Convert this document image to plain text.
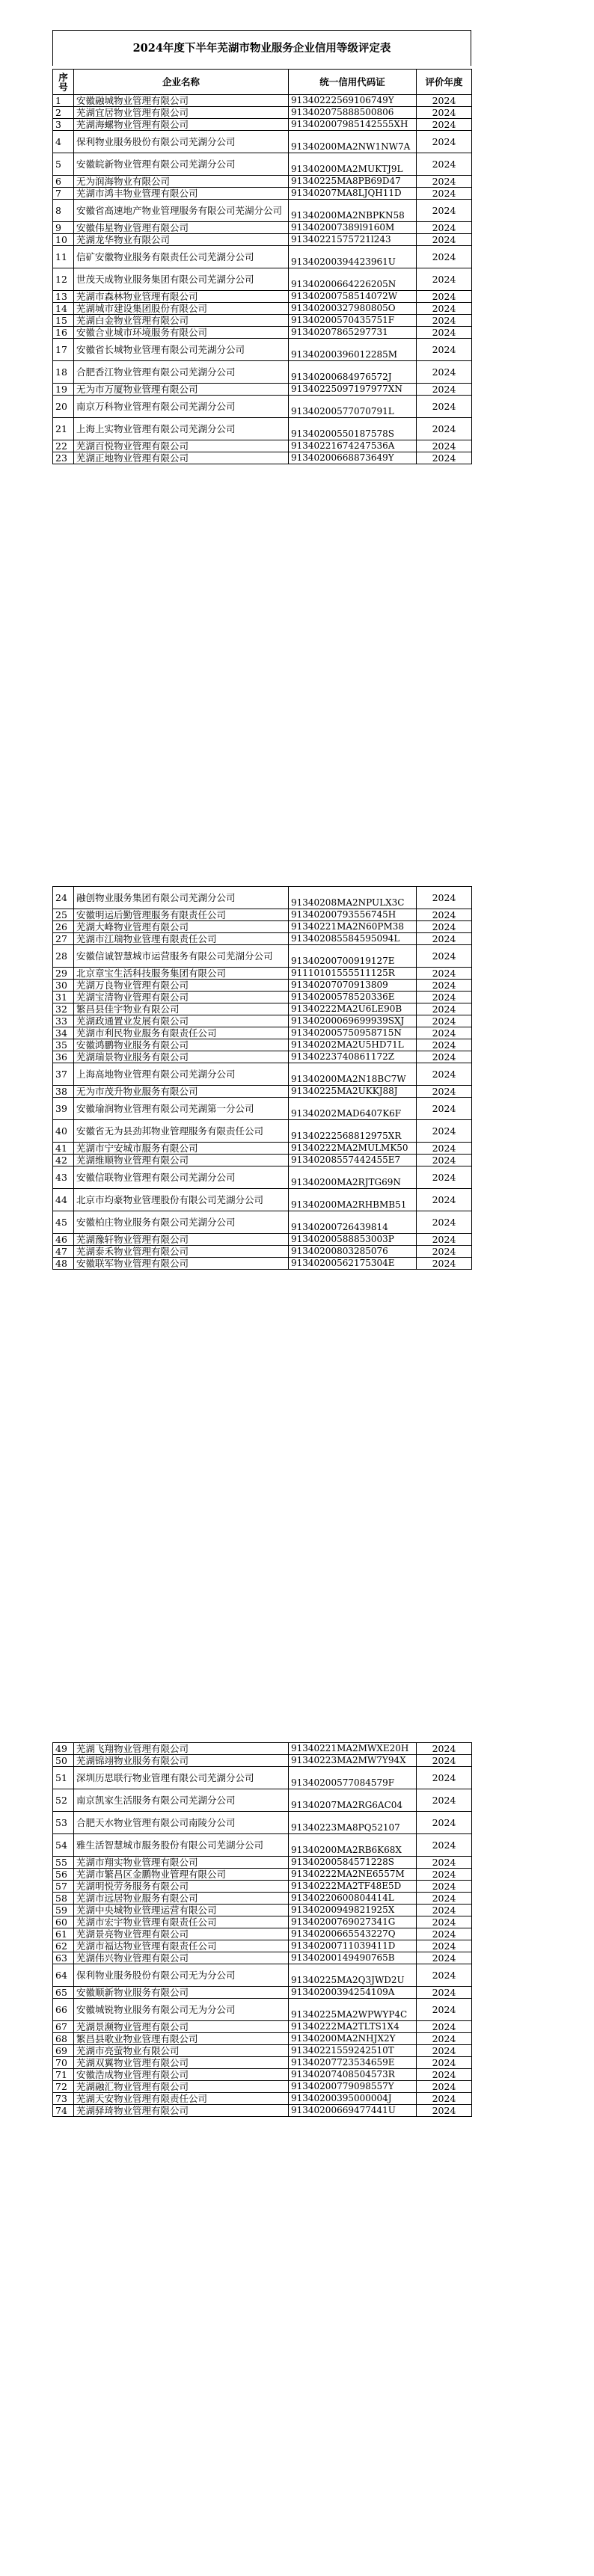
2024年度下半年芜湖市物业服务企业信用等级评定表
序号	企业名称	统一信用代码证	评价年度
1	安徽融城物业管理有限公司	91340222569106749Y	2024
2	芜湖宜居物业管理有限公司	913402075888500806	2024
3	芜湖海螺物业管理有限公司	913402007985142555XH	2024
4	保利物业服务股份有限公司芜湖分公司	91340200MA2NW1NW7A	2024
5	安徽皖新物业管理有限公司芜湖分公司	91340200MA2MUKTJ9L	2024
6	无为润海物业有限公司	91340225MA8PB69D47	2024
7	芜湖市鸿丰物业管理有限公司	91340207MA8LJQH11D	2024
8	安徽省高速地产物业管理服务有限公司芜湖分公司	91340200MA2NBPKN58	2024
9	安徽伟星物业管理有限公司	913402007389l9160M	2024
10	芜湖龙华物业有限公司	91340221575721l243	2024
11	信矿安徽物业服务有限责任公司芜湖分公司	91340200394423961U	2024
12	世茂天成物业服务集团有限公司芜湖分公司	91340200664226205N	2024
13	芜湖市森林物业管理有限公司	91340200758514072W	2024
14	芜湖城市建设集团股份有限公司	91340200327980805O	2024
15	芜湖白金物业管理有限公司	91340200570435751F	2024
16	安徽合业城市环境服务有限公司	91340207865297731	2024
17	安徽省长城物业管理有限公司芜湖分公司	91340200396012285M	2024
18	合肥香江物业管理有限公司芜湖分公司	91340200684976572J	2024
19	无为市万厦物业管理有限公司	91340225097197977XN	2024
20	南京万科物业管理有限公司芜湖分公司	91340200577070791L	2024
21	上海上实物业管理有限公司芜湖分公司	91340200550187578S	2024
22	芜湖百悦物业管理有限公司	91340221674247536A	2024
23	芜湖正地物业管理有限公司	91340200668873649Y	2024
24	融创物业服务集团有限公司芜湖分公司	91340208MA2NPULX3C	2024
25	安徽明运后勤管理服务有限责任公司	91340200793556745H	2024
26	芜湖大峰物业管理有限公司	91340221MA2N60PM38	2024
27	芜湖市江瑞物业管理有限责任公司	913402085584595094L	2024
28	安徽信诚智慧城市运营服务有限公司芜湖分公司	91340200700919127E	2024
29	北京章宝生活科技服务集团有限公司	91110101555511125R	2024
30	芜湖万良物业管理有限公司	91340207070913809	2024
31	芜湖宝清物业管理有限公司	91340200578520336E	2024
32	繁昌县佳宇物业有限公司	91340222MA2U6LE90B	2024
33	芜湖政通置业发展有限公司	91340200069699939SXJ	2024
34	芜湖市利民物业服务有限责任公司	913402005750958715N	2024
35	安徽鸿鹏物业服务有限公司	91340202MA2U5HD71L	2024
36	芜湖瑞景物业服务有限公司	91340223740861172Z	2024
37	上海高地物业管理有限公司芜湖分公司	91340200MA2N18BC7W	2024
38	无为市茂升物业服务有限公司	91340225MA2UKKJ88J	2024
39	安徽瑜润物业管理有限公司芜湖第一分公司	91340202MAD6407K6F	2024
40	安徽省无为县劲邦物业管理服务有限责任公司	91340222568812975XR	2024
41	芜湖市宁安城市服务有限公司	91340222MA2MULMK50	2024
42	芜湖维顺物业管理有限公司	91340208557442455E7	2024
43	安徽信联物业管理有限公司芜湖分公司	91340200MA2RJTG69N	2024
44	北京市均豪物业管理股份有限公司芜湖分公司	91340200MA2RHBMB51	2024
45	安徽柏庄物业服务有限公司芜湖分公司	91340200726439814	2024
46	芜湖豫轩物业管理有限公司	91340200588853003P	2024
47	芜湖泰禾物业管理有限公司	91340200803285076	2024
48	安徽联军物业管理有限公司	91340200562175304E	2024
49	芜湖飞翔物业管理有限公司	91340221MA2MWXE20H	2024
50	芜湖锦翊物业服务有限公司	91340223MA2MW7Y94X	2024
51	深圳历思联行物业管理有限公司芜湖分公司	91340200577084579F	2024
52	南京凯家生活服务有限公司芜湖分公司	91340207MA2RG6AC04	2024
53	合肥天水物业管理有限公司南陵分公司	91340223MA8PQ52107	2024
54	雅生活智慧城市服务股份有限公司芜湖分公司	91340200MA2RB6K68X	2024
55	芜湖市翔实物业管理有限公司	91340200584571228S	2024
56	芜湖市繁昌区金鹏物业管理有限公司	91340222MA2NE6557M	2024
57	芜湖明悦劳务服务有限公司	91340222MA2TF48E5D	2024
58	芜湖市远居物业服务有限公司	91340220600804414L	2024
59	芜湖中央城物业管理运营有限公司	91340200949821925X	2024
60	芜湖市宏宇物业管理有限责任公司	91340200769027341G	2024
61	芜湖景亮物业管理有限公司	91340200665543227Q	2024
62	芜湖市福达物业管理有限责任公司	91340200711039411D	2024
63	芜湖伟兴物业管理有限公司	91340200149490765B	2024
64	保利物业服务股份有限公司无为分公司	91340225MA2Q3JWD2U	2024
65	安徽顺新物业服务有限公司	91340200394254109A	2024
66	安徽城锐物业服务有限公司无为分公司	91340225MA2WPWYP4C	2024
67	芜湖景濒物业管理有限公司	91340222MA2TLTS1X4	2024
68	繁昌县歌业物业管理有限公司	91340200MA2NHJX2Y	2024
69	芜湖市亮萤物业有限公司	91340221559242510T	2024
70	芜湖双翼物业管理有限公司	91340207723534659E	2024
71	安徽浩成物业管理有限公司	91340207408504573R	2024
72	芜湖融汇物业管理有限公司	91340200779098557Y	2024
73	芜湖天安物业管理有限责任公司	91340200395000004J	2024
74	芜湖驿琦物业管理有限公司	91340200669477441U	2024
